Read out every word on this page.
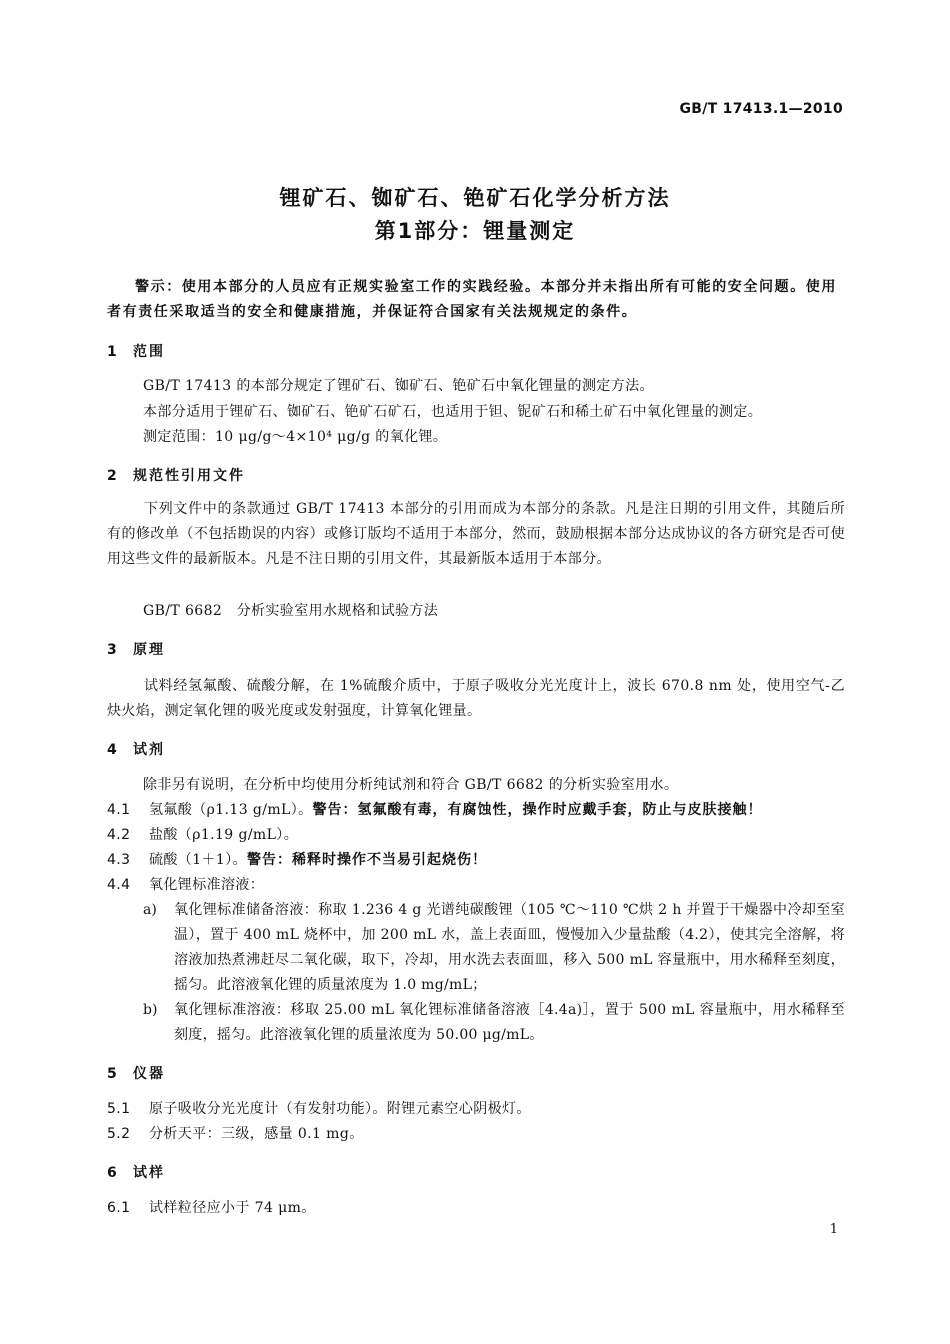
GB/T 17413.1—2010
锂矿石、铷矿石、铯矿石化学分析方法
第1部分：锂量测定
警示：使用本部分的人员应有正规实验室工作的实践经验。本部分并未指出所有可能的安全问题。使用者有责任采取适当的安全和健康措施，并保证符合国家有关法规规定的条件。
1 范围
GB/T 17413 的本部分规定了锂矿石、铷矿石、铯矿石中氧化锂量的测定方法。
本部分适用于锂矿石、铷矿石、铯矿石矿石，也适用于钽、铌矿石和稀土矿石中氧化锂量的测定。
测定范围：10 μg/g～4×10⁴ μg/g 的氧化锂。
2 规范性引用文件
下列文件中的条款通过 GB/T 17413 本部分的引用而成为本部分的条款。凡是注日期的引用文件，其随后所有的修改单（不包括勘误的内容）或修订版均不适用于本部分，然而，鼓励根据本部分达成协议的各方研究是否可使用这些文件的最新版本。凡是不注日期的引用文件，其最新版本适用于本部分。
GB/T 6682　分析实验室用水规格和试验方法
3 原理
试料经氢氟酸、硫酸分解，在 1%硫酸介质中，于原子吸收分光光度计上，波长 670.8 nm 处，使用空气-乙炔火焰，测定氧化锂的吸光度或发射强度，计算氧化锂量。
4 试剂
除非另有说明，在分析中均使用分析纯试剂和符合 GB/T 6682 的分析实验室用水。
4.1 氢氟酸（ρ1.13 g/mL）。警告：氢氟酸有毒，有腐蚀性，操作时应戴手套，防止与皮肤接触！
4.2 盐酸（ρ1.19 g/mL）。
4.3 硫酸（1＋1）。警告：稀释时操作不当易引起烧伤！
4.4 氧化锂标准溶液：
a) 氧化锂标准储备溶液：称取 1.236 4 g 光谱纯碳酸锂（105 ℃～110 ℃烘 2 h 并置于干燥器中冷却至室温），置于 400 mL 烧杯中，加 200 mL 水，盖上表面皿，慢慢加入少量盐酸（4.2），使其完全溶解，将溶液加热煮沸赶尽二氧化碳，取下，冷却，用水洗去表面皿，移入 500 mL 容量瓶中，用水稀释至刻度，摇匀。此溶液氧化锂的质量浓度为 1.0 mg/mL；
b) 氧化锂标准溶液：移取 25.00 mL 氧化锂标准储备溶液［4.4a)］，置于 500 mL 容量瓶中，用水稀释至刻度，摇匀。此溶液氧化锂的质量浓度为 50.00 μg/mL。
5 仪器
5.1 原子吸收分光光度计（有发射功能）。附锂元素空心阴极灯。
5.2 分析天平：三级，感量 0.1 mg。
6 试样
6.1 试样粒径应小于 74 μm。
1
